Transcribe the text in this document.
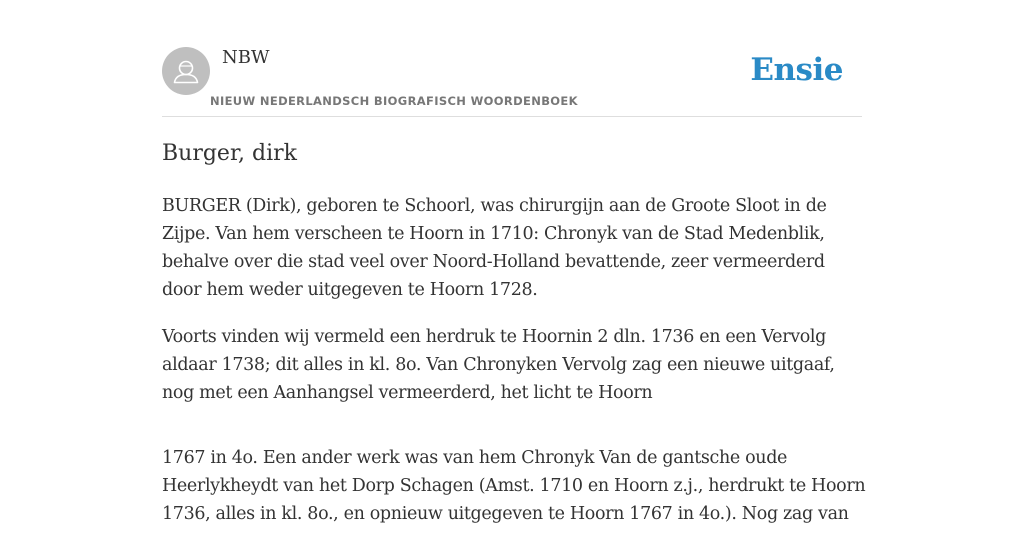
NBW
NIEUW NEDERLANDSCH BIOGRAFISCH WOORDENBOEK
Ensie
Burger, dirk

BURGER (Dirk), geboren te Schoorl, was chirurgijn aan de Groote Sloot in de Zijpe. Van hem verscheen te Hoorn in 1710: Chronyk van de Stad Medenblik, behalve over die stad veel over Noord-Holland bevattende, zeer vermeerderd door hem weder uitgegeven te Hoorn 1728.

Voorts vinden wij vermeld een herdruk te Hoornin 2 dln. 1736 en een Vervolg aldaar 1738; dit alles in kl. 8o. Van Chronyken Vervolg zag een nieuwe uitgaaf, nog met een Aanhangsel vermeerderd, het licht te Hoorn

1767 in 4o. Een ander werk was van hem Chronyk Van de gantsche oude Heerlykheydt van het Dorp Schagen (Amst. 1710 en Hoorn z.j., herdrukt te Hoorn 1736, alles in kl. 8o., en opnieuw uitgegeven te Hoorn 1767 in 4o.). Nog zag van
